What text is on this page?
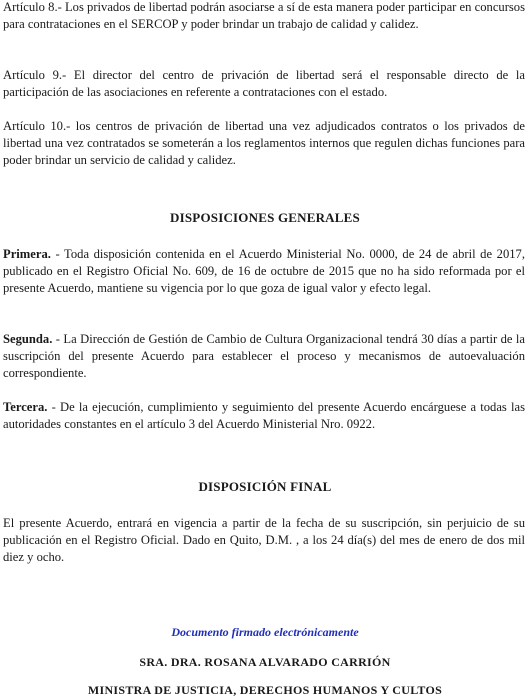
Artículo 8.- Los privados de libertad podrán asociarse a sí de esta manera poder participar en concursos para contrataciones en el SERCOP y poder brindar un trabajo de calidad y calidez.

Artículo 9.- El director del centro de privación de libertad será el responsable directo de la participación de las asociaciones en referente a contrataciones con el estado.

Artículo 10.- los centros de privación de libertad una vez adjudicados contratos o los privados de libertad una vez contratados se someterán a los reglamentos internos que regulen dichas funciones para poder brindar un servicio de calidad y calidez.

DISPOSICIONES GENERALES

Primera. - Toda disposición contenida en el Acuerdo Ministerial No. 0000, de 24 de abril de 2017, publicado en el Registro Oficial No. 609, de 16 de octubre de 2015 que no ha sido reformada por el presente Acuerdo, mantiene su vigencia por lo que goza de igual valor y efecto legal.

Segunda. - La Dirección de Gestión de Cambio de Cultura Organizacional tendrá 30 días a partir de la suscripción del presente Acuerdo para establecer el proceso y mecanismos de autoevaluación correspondiente.

Tercera. - De la ejecución, cumplimiento y seguimiento del presente Acuerdo encárguese a todas las autoridades constantes en el artículo 3 del Acuerdo Ministerial Nro. 0922.

DISPOSICIÓN FINAL

El presente Acuerdo, entrará en vigencia a partir de la fecha de su suscripción, sin perjuicio de su publicación en el Registro Oficial. Dado en Quito, D.M. , a los 24 día(s) del mes de enero de dos mil diez y ocho.

Documento firmado electrónicamente

SRA. DRA. ROSANA ALVARADO CARRIÓN

MINISTRA DE JUSTICIA, DERECHOS HUMANOS Y CULTOS
